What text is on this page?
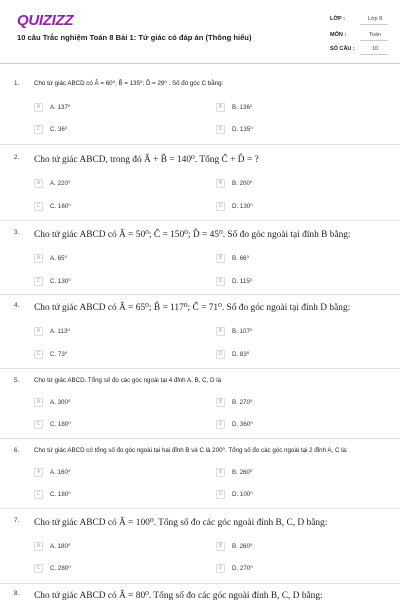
QUIZIZZ
10 câu Trắc nghiệm Toán 8 Bài 1: Tứ giác có đáp án (Thông hiểu)
LỚP :	Lớp 8
MÔN :	Toán
SỐ CÂU :	10
1. Cho tứ giác ABCD có Â = 60⁰; B̂ = 135⁰; D̂ = 29⁰ . Số đo góc C bằng:
A	A. 137⁰	B	B. 136⁰
C	C. 36⁰	D	D. 135⁰
2. Cho tứ giác ABCD, trong đó Â + B̂ = 140⁰. Tổng Ĉ + D̂ = ?
A	A. 220⁰	B	B. 200⁰
C	C. 160⁰	D	D. 130⁰
3. Cho tứ giác ABCD có Â = 50⁰; Ĉ = 150⁰; D̂ = 45⁰. Số đo góc ngoài tại đỉnh B bằng:
A	A. 65⁰	B	B. 66⁰
C	C. 130⁰	D	D. 115⁰
4. Cho tứ giác ABCD có Â = 65⁰; B̂ = 117⁰; Ĉ = 71⁰. Số đo góc ngoài tại đỉnh D bằng:
A	A. 113⁰	B	B. 107⁰
C	C. 73⁰	D	D. 83⁰
5. Cho tứ giác ABCD. Tổng số đo các góc ngoài tại 4 đỉnh A, B, C, D là
A	A. 300⁰	B	B. 270⁰
C	C. 180⁰	D	D. 360⁰
6. Cho tứ giác ABCD có tổng số đo góc ngoài tại hai đỉnh B và C là 200⁰. Tổng số đo các góc ngoài tại 2 đỉnh A, C là:
A	A. 160⁰	B	B. 260⁰
C	C. 180⁰	D	D. 100⁰
7. Cho tứ giác ABCD có Â = 100⁰. Tổng số đo các góc ngoài đỉnh B, C, D bằng:
A	A. 180⁰	B	B. 260⁰
C	C. 280⁰	D	D. 270⁰
8. Cho tứ giác ABCD có Â = 80⁰. Tổng số đo các góc ngoài đỉnh B, C, D bằng:
